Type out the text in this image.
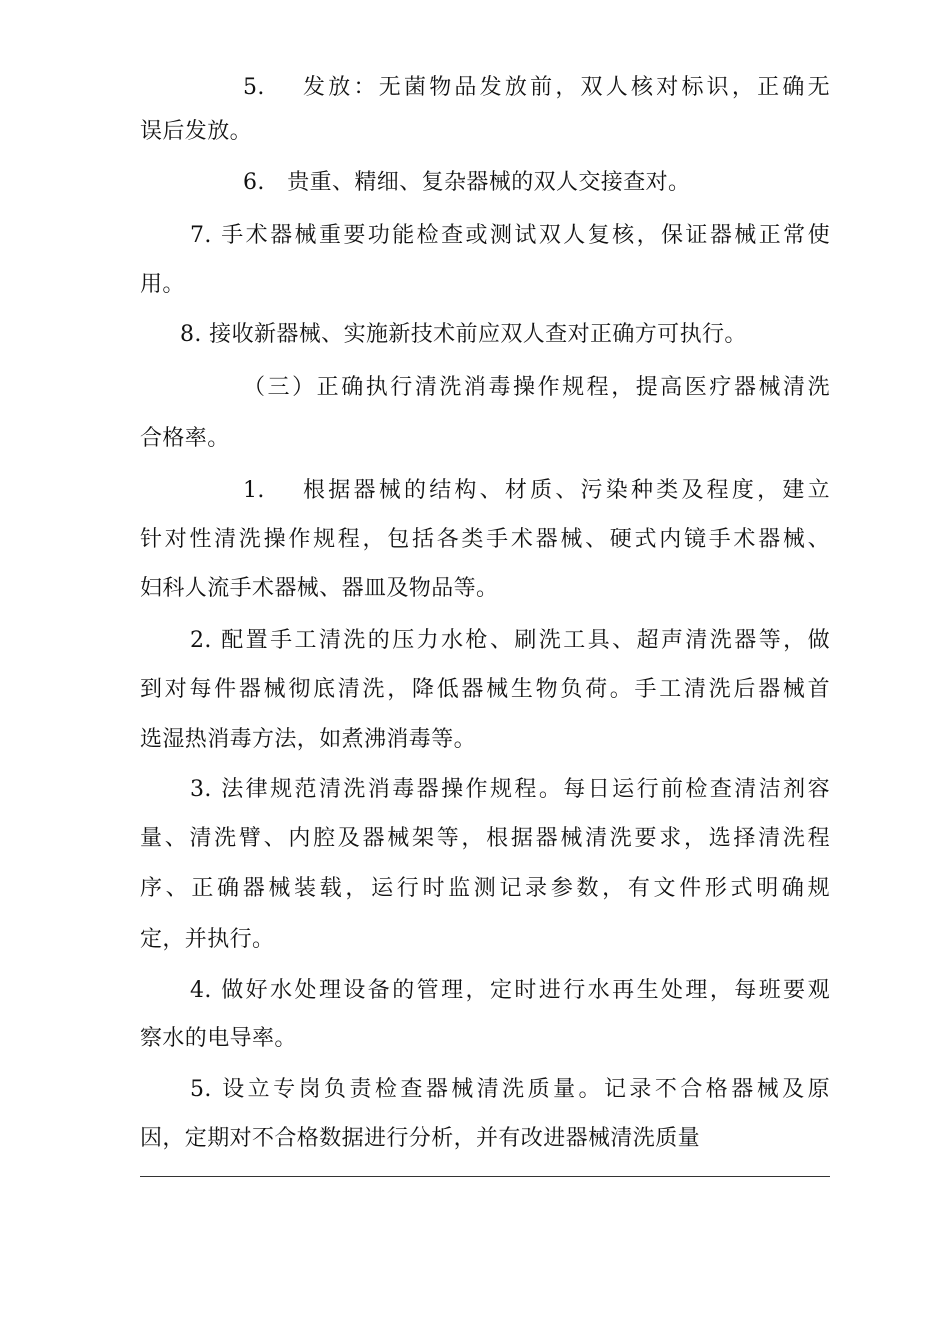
5.　 发放：无菌物品发放前，双人核对标识，正确无
误后发放。
6.　贵重、精细、复杂器械的双人交接查对。
7. 手术器械重要功能检查或测试双人复核，保证器械正常使
用。
8. 接收新器械、实施新技术前应双人查对正确方可执行。
（三）正确执行清洗消毒操作规程，提高医疗器械清洗
合格率。
1.　 根据器械的结构、材质、污染种类及程度，建立
针对性清洗操作规程，包括各类手术器械、硬式内镜手术器械、
妇科人流手术器械、器皿及物品等。
2. 配置手工清洗的压力水枪、刷洗工具、超声清洗器等，做
到对每件器械彻底清洗，降低器械生物负荷。手工清洗后器械首
选湿热消毒方法，如煮沸消毒等。
3. 法律规范清洗消毒器操作规程。每日运行前检查清洁剂容
量、清洗臂、内腔及器械架等，根据器械清洗要求，选择清洗程
序、正确器械装载，运行时监测记录参数，有文件形式明确规
定，并执行。
4. 做好水处理设备的管理，定时进行水再生处理，每班要观
察水的电导率。
5. 设立专岗负责检查器械清洗质量。记录不合格器械及原
因，定期对不合格数据进行分析，并有改进器械清洗质量
